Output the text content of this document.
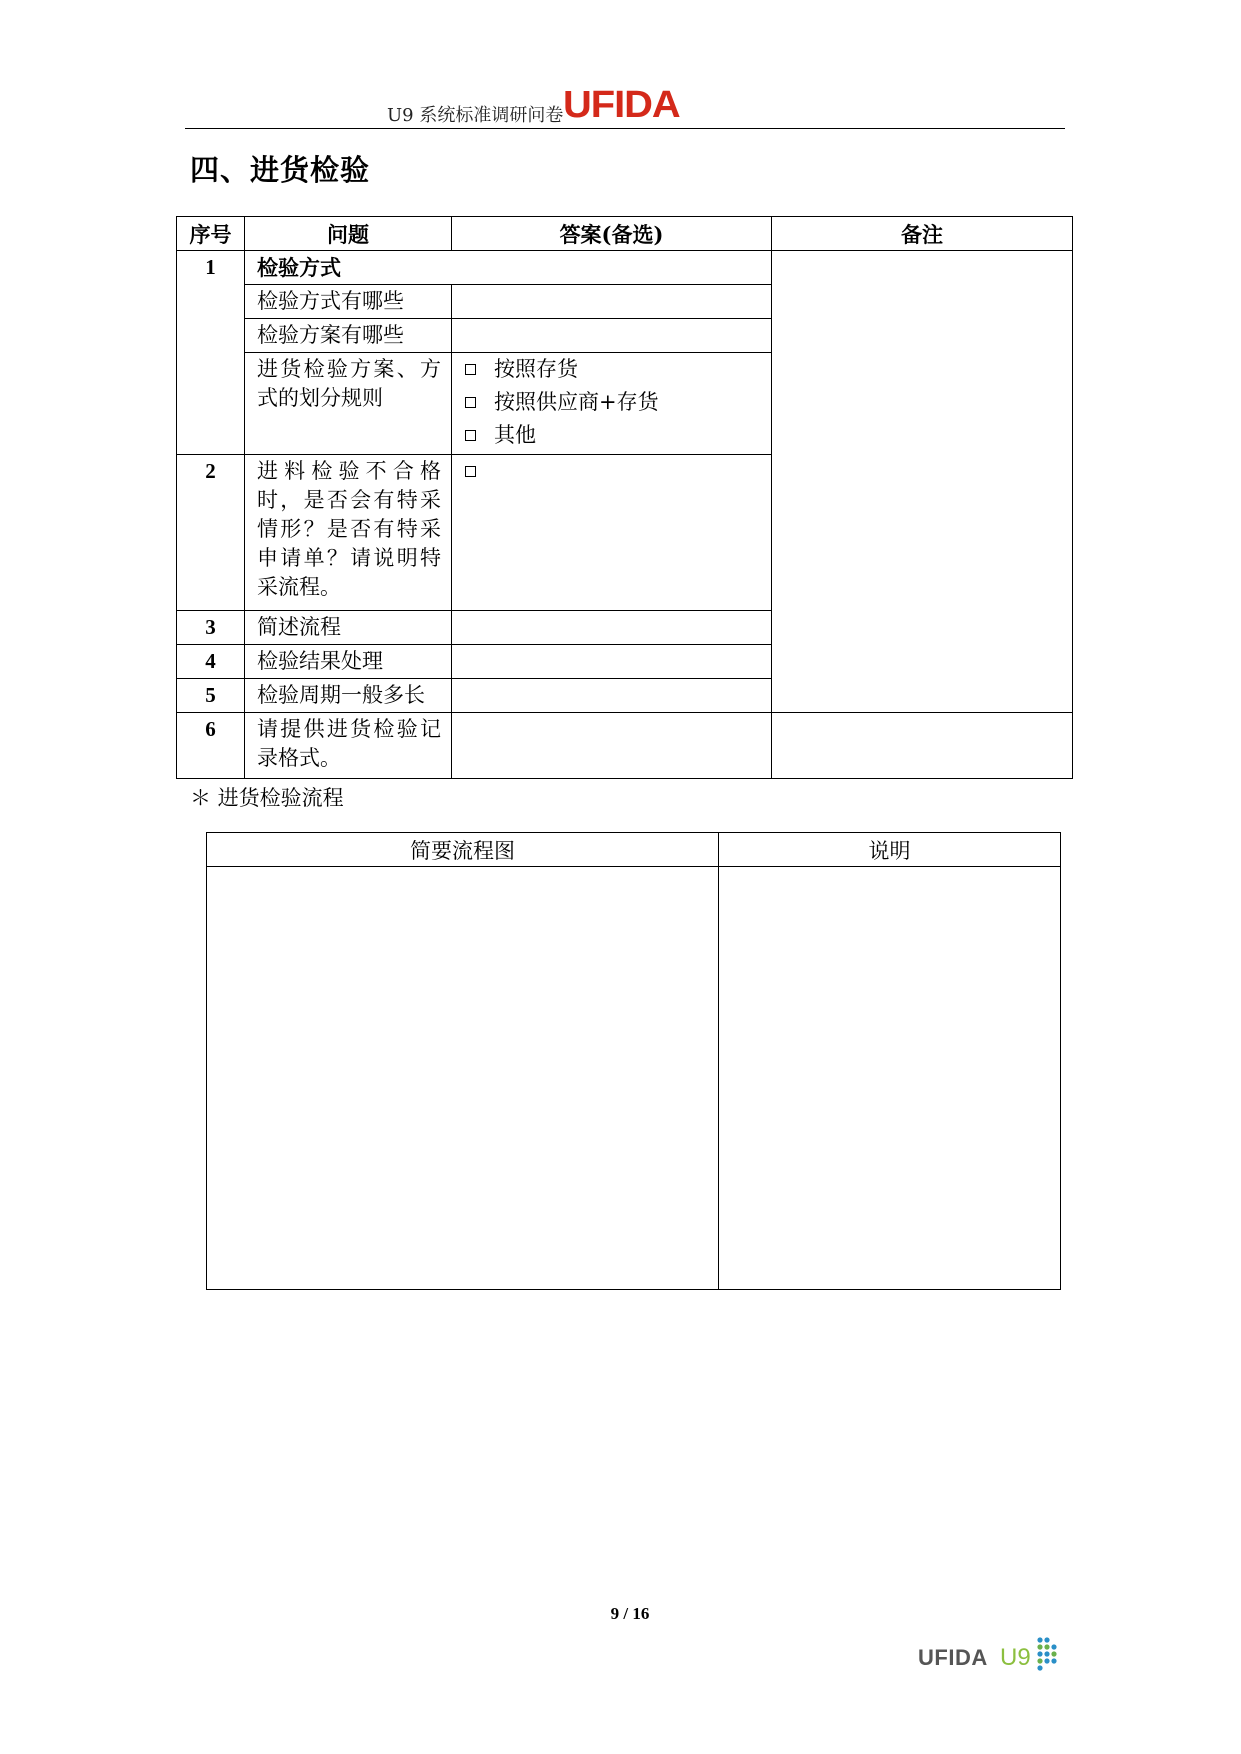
U9 系统标准调研问卷 UFIDA
四、进货检验
序号	问题	答案(备选)	备注
1	检验方式		
	检验方式有哪些		
	检验方案有哪些		
	进货检验方案、方式的划分规则	按照存货
按照供应商+存货
其他	

2	进料检验不合格时，是否会有特采情形？是否有特采申请单？请说明特采流程。		

3	简述流程		
4	检验结果处理		
5	检验周期一般多长		
6	请提供进货检验记录格式。		
＊ 进货检验流程
简要流程图	说明

9 / 16
UFIDA U9
